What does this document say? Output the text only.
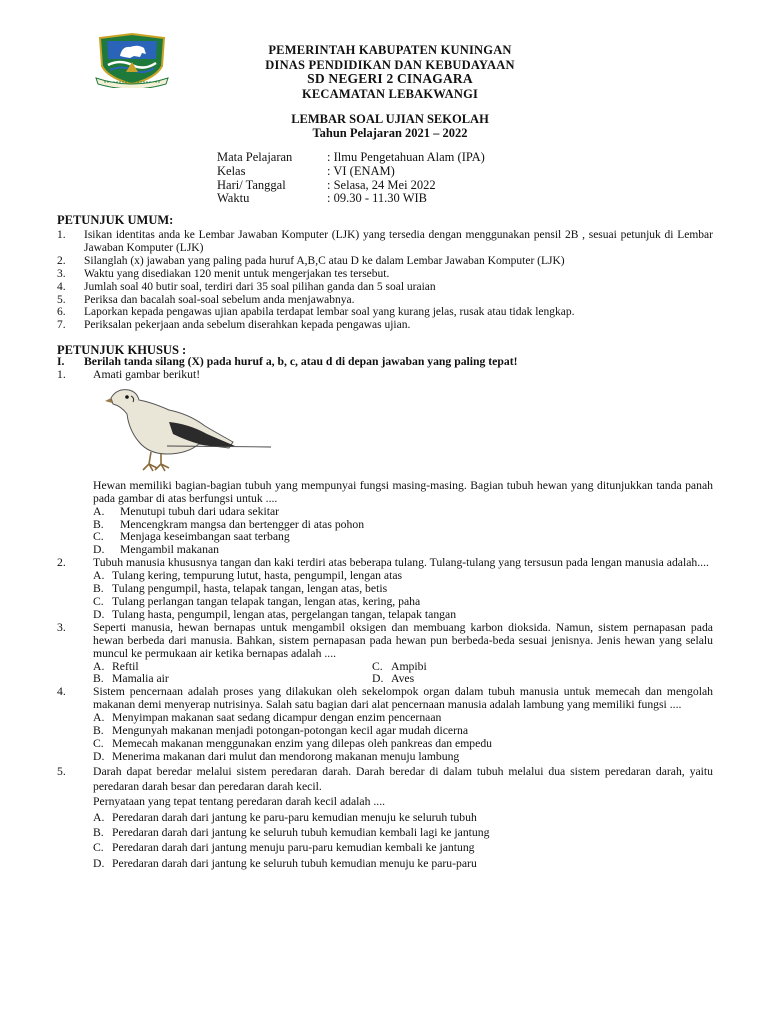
PEMERINTAH KABUPATEN KUNINGAN
DINAS PENDIDIKAN DAN KEBUDAYAAN
SD NEGERI 2 CINAGARA
KECAMATAN LEBAKWANGI
LEMBAR SOAL UJIAN SEKOLAH
Tahun Pelajaran 2021 – 2022
Mata Pelajaran	: Ilmu Pengetahuan Alam (IPA)
Kelas	: VI (ENAM)
Hari/ Tanggal	: Selasa, 24 Mei 2022
Waktu	: 09.30 - 11.30 WIB
PETUNJUK UMUM:
1.	Isikan identitas anda ke Lembar Jawaban Komputer (LJK) yang tersedia dengan menggunakan pensil 2B , sesuai petunjuk di Lembar Jawaban Komputer (LJK)
2.	Silanglah (x) jawaban yang paling pada huruf A,B,C atau D ke dalam Lembar Jawaban Komputer (LJK)
3.	Waktu yang disediakan 120 menit untuk mengerjakan tes tersebut.
4.	Jumlah soal 40 butir soal, terdiri dari 35 soal pilihan ganda dan 5 soal uraian
5.	Periksa dan bacalah soal-soal sebelum anda menjawabnya.
6.	Laporkan kepada pengawas ujian apabila terdapat lembar soal yang kurang jelas, rusak atau tidak lengkap.
7.	Periksalan pekerjaan anda sebelum diserahkan kepada pengawas ujian.
PETUNJUK KHUSUS :
I.	Berilah tanda silang (X) pada huruf a, b, c, atau d di depan jawaban yang paling tepat!
1.	Amati gambar berikut!
Hewan memiliki bagian-bagian tubuh yang mempunyai fungsi masing-masing. Bagian tubuh hewan yang ditunjukkan tanda panah pada gambar di atas berfungsi untuk ....
A.	Menutupi tubuh dari udara sekitar
B.	Mencengkram mangsa dan bertengger di atas pohon
C.	Menjaga keseimbangan saat terbang
D.	Mengambil makanan
2.	Tubuh manusia khususnya tangan dan kaki terdiri atas beberapa tulang. Tulang-tulang yang tersusun pada lengan manusia adalah....
A. Tulang kering, tempurung lutut, hasta, pengumpil, lengan atas
B. Tulang pengumpil, hasta, telapak tangan, lengan atas, betis
C. Tulang perlangan tangan telapak tangan, lengan atas, kering, paha
D. Tulang hasta, pengumpil, lengan atas, pergelangan tangan, telapak tangan
3.	Seperti manusia, hewan bernapas untuk mengambil oksigen dan membuang karbon dioksida. Namun, sistem pernapasan pada hewan berbeda dari manusia. Bahkan, sistem pernapasan pada hewan pun berbeda-beda sesuai jenisnya. Jenis hewan yang selalu muncul ke permukaan air ketika bernapas adalah ....
A. Reftil	C. Ampibi
B. Mamalia air	D. Aves
4.	Sistem pencernaan adalah proses yang dilakukan oleh sekelompok organ dalam tubuh manusia untuk memecah dan mengolah makanan demi menyerap nutrisinya. Salah satu bagian dari alat pencernaan manusia adalah lambung yang memiliki fungsi ....
A. Menyimpan makanan saat sedang dicampur dengan enzim pencernaan
B. Mengunyah makanan menjadi potongan-potongan kecil agar mudah dicerna
C. Memecah makanan menggunakan enzim yang dilepas oleh pankreas dan empedu
D. Menerima makanan dari mulut dan mendorong makanan menuju lambung
5.	Darah dapat beredar melalui sistem peredaran darah. Darah beredar di dalam tubuh melalui dua sistem peredaran darah, yaitu peredaran darah besar dan peredaran darah kecil.
Pernyataan yang tepat tentang peredaran darah kecil adalah ....
A. Peredaran darah dari jantung ke paru-paru kemudian menuju ke seluruh tubuh
B. Peredaran darah dari jantung ke seluruh tubuh kemudian kembali lagi ke jantung
C. Peredaran darah dari jantung menuju paru-paru kemudian kembali ke jantung
D. Peredaran darah dari jantung ke seluruh tubuh kemudian menuju ke paru-paru
